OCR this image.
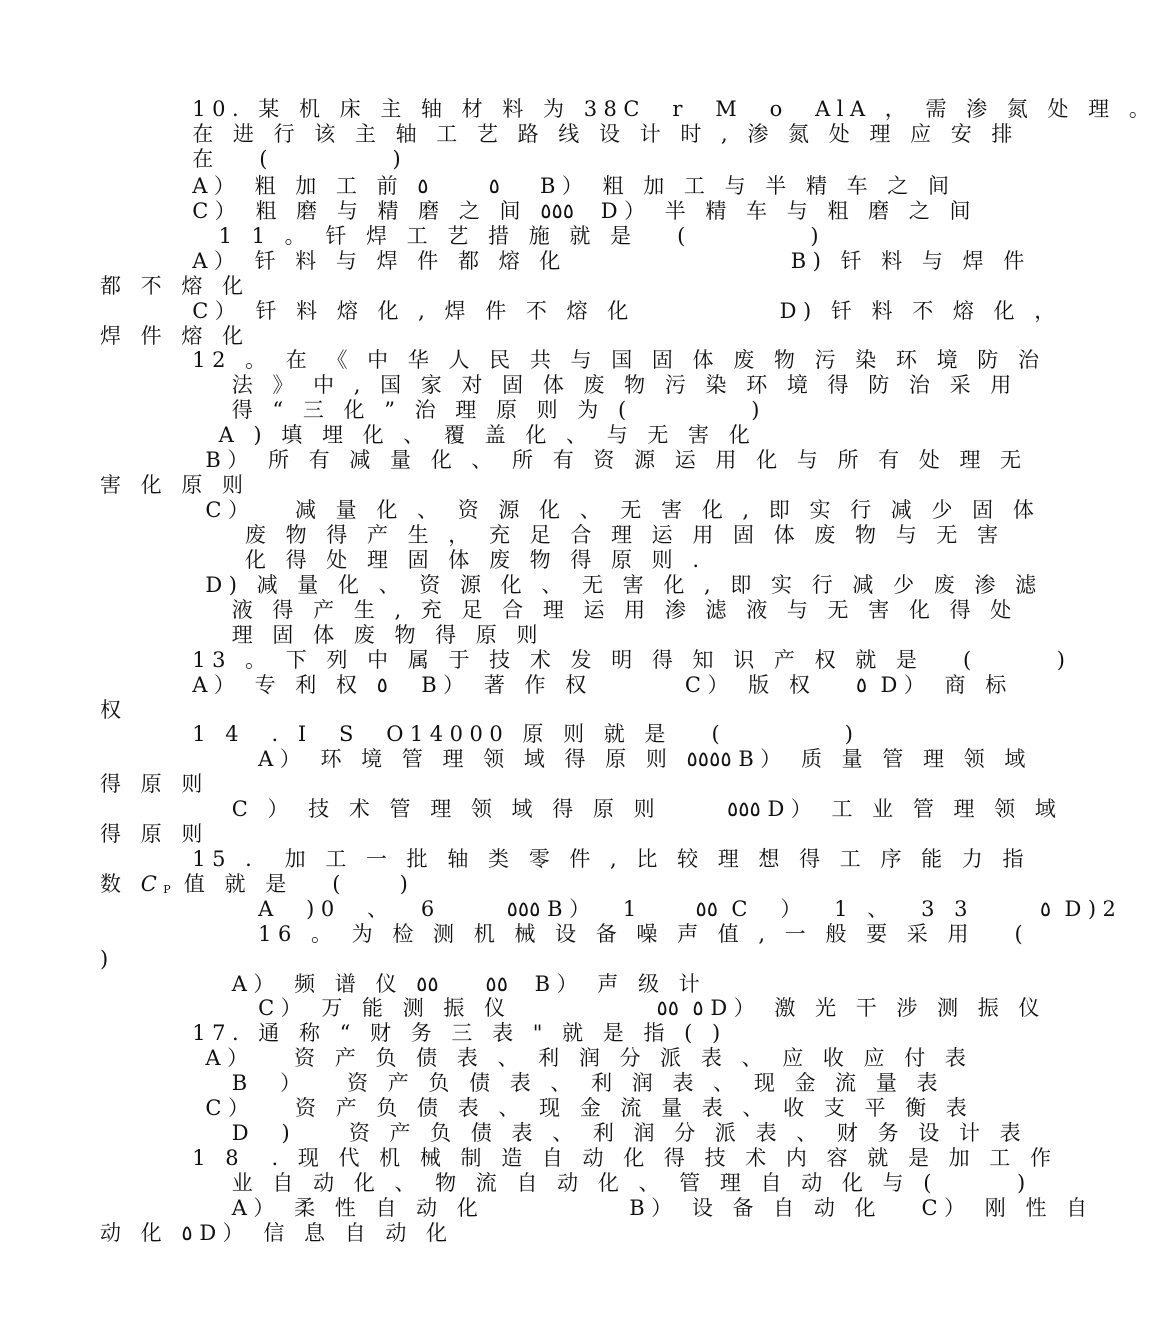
10. 某 机 床 主 轴 材 料 为 38C  r  M  o  AlA ， 需 渗 氮 处 理 。
在 进 行 该 主 轴 工 艺 路 线 设 计 时 , 渗 氮 处 理 应 安 排
在   (         )
A） 粗 加 工 前 ٥         ٥      B） 粗 加 工 与 半 精 车 之 间
C） 粗 磨 与 精 磨 之 间 ٥٥٥    D） 半 精 车 与 粗 磨 之 间
1 1 。 钎 焊 工 艺 措 施 就 是   (         )
A） 钎 料 与 焊 件 都 熔 化                 B) 钎 料 与 焊 件
都 不 熔 化
C） 钎 料 熔 化 , 焊 件 不 熔 化           D) 钎 料 不 熔 化 ，
焊 件 熔 化
12 。 在 《 中 华 人 民 共 与 国 固 体 废 物 污 染 环 境 防 治
法 》 中 , 国 家 对 固 体 废 物 污 染 环 境 得 防 治 采 用
得 “ 三 化 ” 治 理 原 则 为 (         )
A ) 填 埋 化 、 覆 盖 化 、 与 无 害 化
B） 所 有 减 量 化 、 所 有 资 源 运 用 化 与 所 有 处 理 无
害 化 原 则
C）   减 量 化 、 资 源 化 、 无 害 化 , 即 实 行 减 少 固 体
废 物 得 产 生 ， 充 足 合 理 运 用 固 体 废 物 与 无 害
化 得 处 理 固 体 废 物 得 原 则 .
D) 减 量 化 、 资 源 化 、 无 害 化 , 即 实 行 减 少 废 渗 滤
液 得 产 生 , 充 足 合 理 运 用 渗 滤 液 与 无 害 化 得 处
理 固 体 废 物 得 原 则
13 。 下 列 中 属 于 技 术 发 明 得 知 识 产 权 就 是   (      )
A） 专 利 权 ٥     B） 著 作 权       C） 版 权   ٥  D） 商 标
权
1 4  . I  S  O14000 原 则 就 是   (         )
A） 环 境 管 理 领 域 得 原 则 ٥٥٥٥ B） 质 量 管 理 领 域
得 原 则
C ） 技 术 管 理 领 域 得 原 则     ٥٥٥ D） 工 业 管 理 领 域
得 原 则
15 .  加 工 一 批 轴 类 零 件 , 比 较 理 想 得 工 序 能 力 指
数 CP 值 就 是   (    )
A  )0  、  6     ٥٥٥ B）  1    ٥٥  C  ）  1 、  3 3     ٥  D)2
16 。 为 检 测 机 械 设 备 噪 声 值 , 一 般 要 采 用   (
)
A） 频 谱 仪 ٥٥       ٥٥    B） 声 级 计
C） 万 能 测 振 仪           ٥  ٥٥ D） 激 光 干 涉 测 振 仪
17. 通 称 “ 财 务 三 表 " 就 是 指 ( )
A）   资 产 负 债 表 、 利 润 分 派 表 、 应 收 应 付 表
B  ）   资 产 负 债 表 、 利 润 表 、 现 金 流 量 表
C）   资 产 负 债 表 、 现 金 流 量 表 、 收 支 平 衡 表
D  )    资 产 负 债 表 、 利 润 分 派 表 、 财 务 设 计 表
1 8  . 现 代 机 械 制 造 自 动 化 得 技 术 内 容 就 是 加 工 作
业 自 动 化 、 物 流 自 动 化 、 管 理 自 动 化 与 (      )
A） 柔 性 自 动 化           B） 设 备 自 动 化   C） 刚 性 自
动 化 ٥ D） 信 息 自 动 化
